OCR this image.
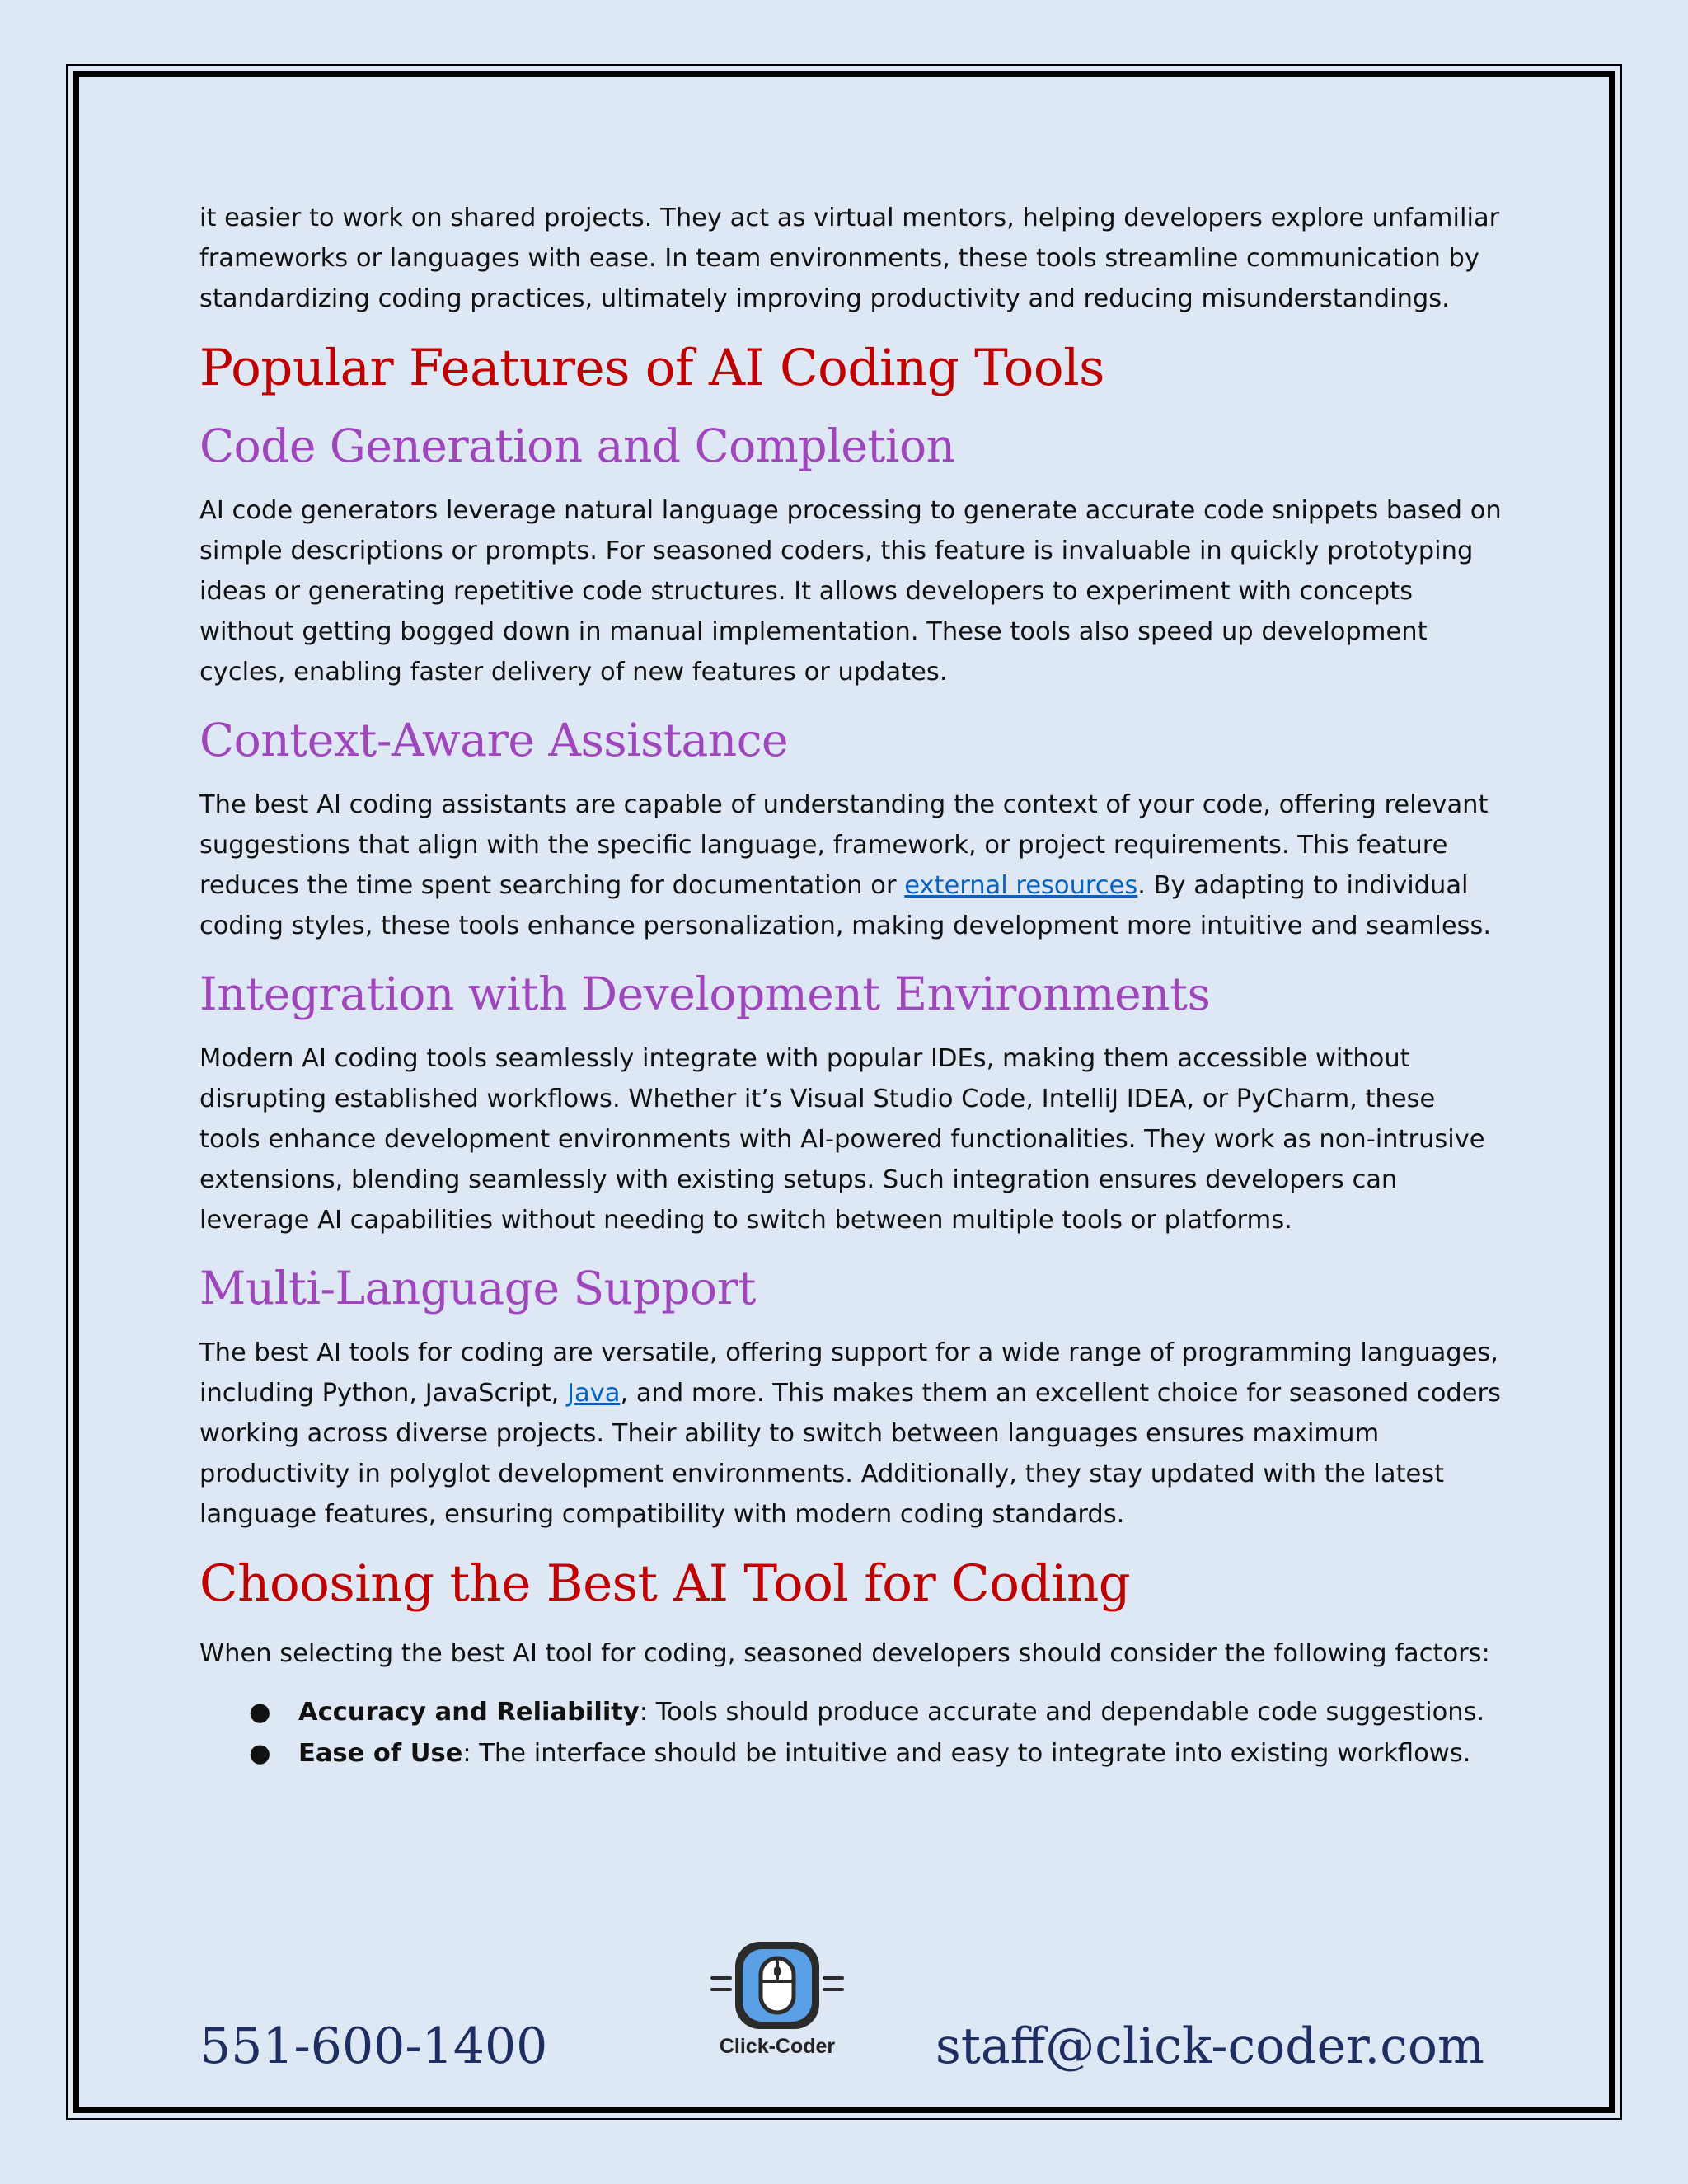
it easier to work on shared projects. They act as virtual mentors, helping developers explore unfamiliar frameworks or languages with ease. In team environments, these tools streamline communication by standardizing coding practices, ultimately improving productivity and reducing misunderstandings.

Popular Features of AI Coding Tools
Code Generation and Completion

AI code generators leverage natural language processing to generate accurate code snippets based on simple descriptions or prompts. For seasoned coders, this feature is invaluable in quickly prototyping ideas or generating repetitive code structures. It allows developers to experiment with concepts without getting bogged down in manual implementation. These tools also speed up development cycles, enabling faster delivery of new features or updates.

Context-Aware Assistance

The best AI coding assistants are capable of understanding the context of your code, offering relevant suggestions that align with the specific language, framework, or project requirements. This feature reduces the time spent searching for documentation or external resources. By adapting to individual coding styles, these tools enhance personalization, making development more intuitive and seamless.

Integration with Development Environments

Modern AI coding tools seamlessly integrate with popular IDEs, making them accessible without disrupting established workflows. Whether it’s Visual Studio Code, IntelliJ IDEA, or PyCharm, these tools enhance development environments with AI-powered functionalities. They work as non-intrusive extensions, blending seamlessly with existing setups. Such integration ensures developers can leverage AI capabilities without needing to switch between multiple tools or platforms.

Multi-Language Support

The best AI tools for coding are versatile, offering support for a wide range of programming languages, including Python, JavaScript, Java, and more. This makes them an excellent choice for seasoned coders working across diverse projects. Their ability to switch between languages ensures maximum productivity in polyglot development environments. Additionally, they stay updated with the latest language features, ensuring compatibility with modern coding standards.

Choosing the Best AI Tool for Coding

When selecting the best AI tool for coding, seasoned developers should consider the following factors:

● Accuracy and Reliability: Tools should produce accurate and dependable code suggestions.
● Ease of Use: The interface should be intuitive and easy to integrate into existing workflows.
551-600-1400	Click-Coder staff@click-coder.com
